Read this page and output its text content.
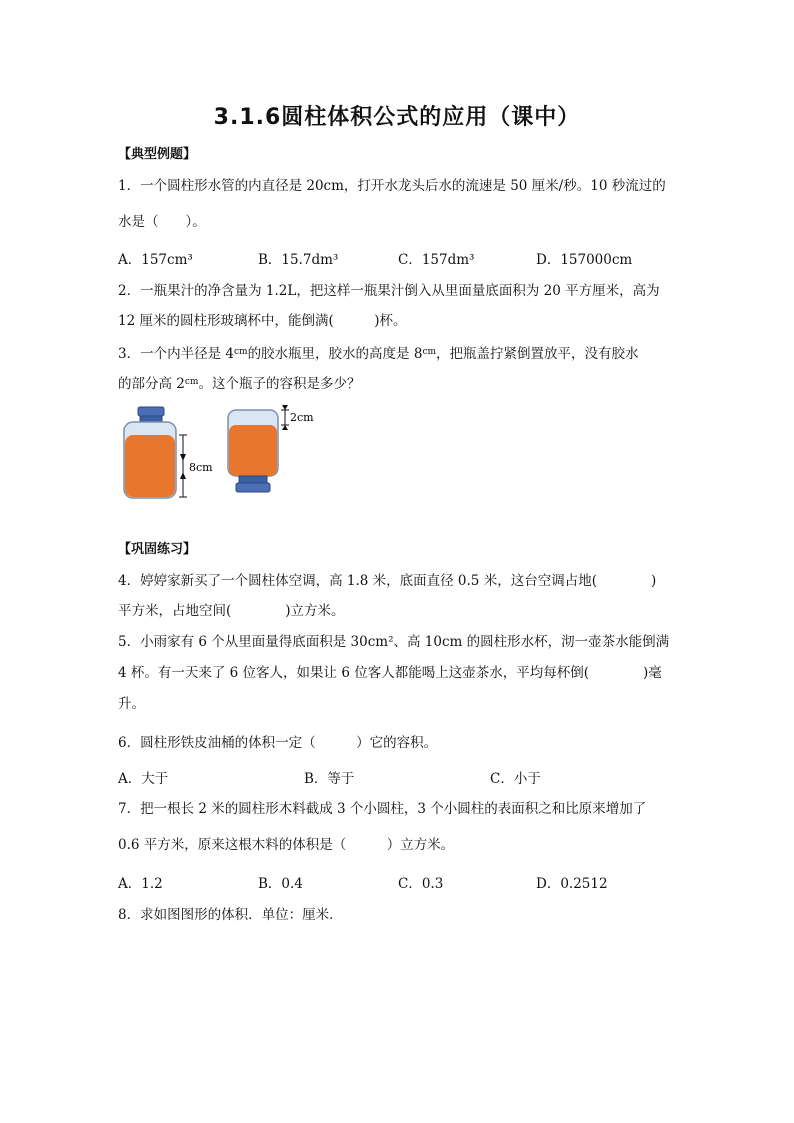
3.1.6圆柱体积公式的应用（课中）
【典型例题】
1．一个圆柱形水管的内直径是 20cm，打开水龙头后水的流速是 50 厘米/秒。10 秒流过的
水是（　　）。
A．157cm³	B．15.7dm³	C．157dm³	D．157000cm
2．一瓶果汁的净含量为 1.2L，把这样一瓶果汁倒入从里面量底面积为 20 平方厘米，高为
12 厘米的圆柱形玻璃杯中，能倒满(　　　)杯。
3．一个内半径是 $4^{cm}$的胶水瓶里，胶水的高度是 $8^{cm}$，把瓶盖拧紧倒置放平，没有胶水
的部分高 $2^{cm}$。这个瓶子的容积是多少？
8cm
2cm
【巩固练习】
4．婷婷家新买了一个圆柱体空调，高 1.8 米，底面直径 0.5 米，这台空调占地(　　　　)
平方米，占地空间(　　　　)立方米。
5．小雨家有 6 个从里面量得底面积是 30cm²、高 10cm 的圆柱形水杯，沏一壶茶水能倒满
4 杯。有一天来了 6 位客人，如果让 6 位客人都能喝上这壶茶水，平均每杯倒(　　　　)毫
升。
6．圆柱形铁皮油桶的体积一定（　　　）它的容积。
A．大于	B．等于	C．小于
7．把一根长 2 米的圆柱形木料截成 3 个小圆柱，3 个小圆柱的表面积之和比原来增加了
0.6 平方米，原来这根木料的体积是（　　　）立方米。
A．1.2	B．0.4	C．0.3	D．0.2512
8．求如图图形的体积．单位：厘米．
